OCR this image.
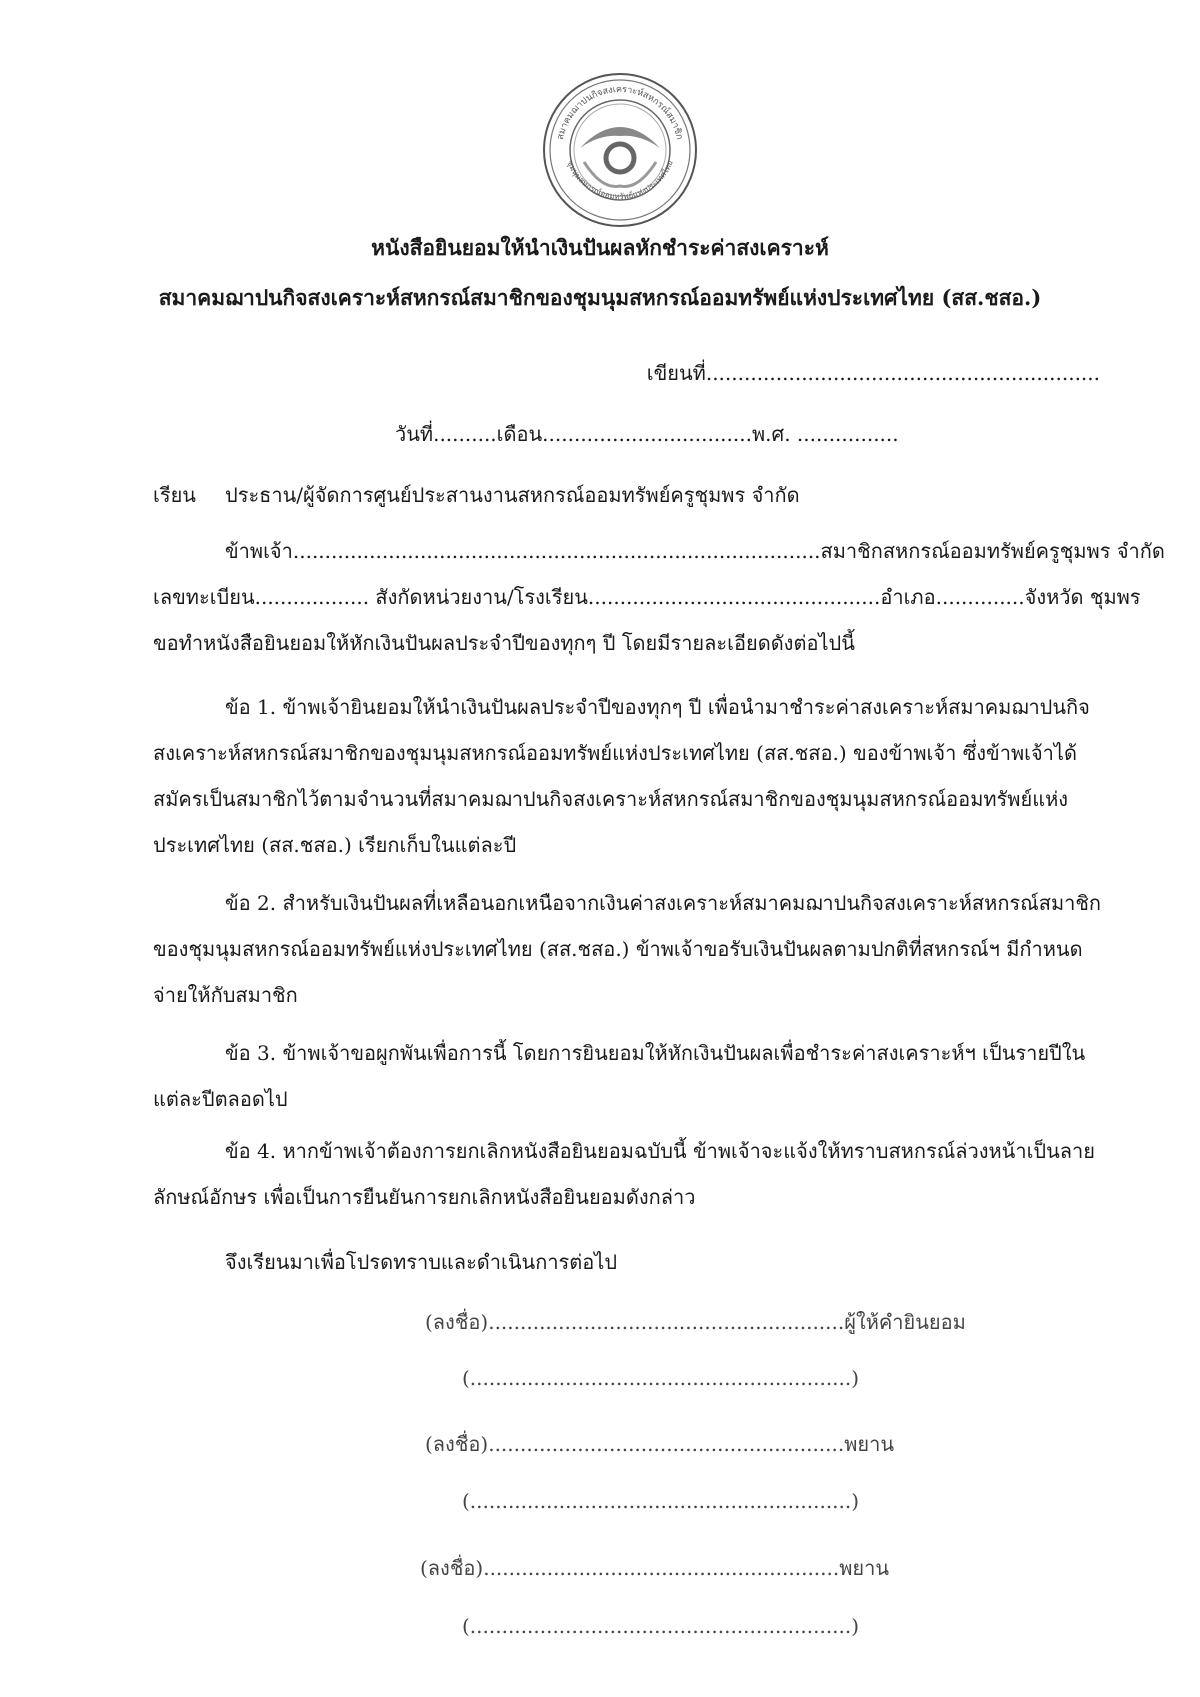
สมาคมฌาปนกิจสงเคราะห์สหกรณ์สมาชิก
ชุมนุมสหกรณ์ออมทรัพย์แห่งประเทศไทย
หนังสือยินยอมให้นำเงินปันผลหักชำระค่าสงเคราะห์
สมาคมฌาปนกิจสงเคราะห์สหกรณ์สมาชิกของชุมนุมสหกรณ์ออมทรัพย์แห่งประเทศไทย (สส.ชสอ.)
เขียนที่..............................................................
วันที่..........เดือน.................................พ.ศ. ................
เรียน ประธาน/ผู้จัดการศูนย์ประสานงานสหกรณ์ออมทรัพย์ครูชุมพร จำกัด

ข้าพเจ้า...................................................................................สมาชิกสหกรณ์ออมทรัพย์ครูชุมพร จำกัด

เลขทะเบียน.................. สังกัดหน่วยงาน/โรงเรียน..............................................อำเภอ..............จังหวัด ชุมพร

ขอทำหนังสือยินยอมให้หักเงินปันผลประจำปีของทุกๆ ปี โดยมีรายละเอียดดังต่อไปนี้

ข้อ 1. ข้าพเจ้ายินยอมให้นำเงินปันผลประจำปีของทุกๆ ปี เพื่อนำมาชำระค่าสงเคราะห์สมาคมฌาปนกิจ

สงเคราะห์สหกรณ์สมาชิกของชุมนุมสหกรณ์ออมทรัพย์แห่งประเทศไทย (สส.ชสอ.) ของข้าพเจ้า ซึ่งข้าพเจ้าได้

สมัครเป็นสมาชิกไว้ตามจำนวนที่สมาคมฌาปนกิจสงเคราะห์สหกรณ์สมาชิกของชุมนุมสหกรณ์ออมทรัพย์แห่ง

ประเทศไทย (สส.ชสอ.) เรียกเก็บในแต่ละปี

ข้อ 2. สำหรับเงินปันผลที่เหลือนอกเหนือจากเงินค่าสงเคราะห์สมาคมฌาปนกิจสงเคราะห์สหกรณ์สมาชิก

ของชุมนุมสหกรณ์ออมทรัพย์แห่งประเทศไทย (สส.ชสอ.) ข้าพเจ้าขอรับเงินปันผลตามปกติที่สหกรณ์ฯ มีกำหนด

จ่ายให้กับสมาชิก

ข้อ 3. ข้าพเจ้าขอผูกพันเพื่อการนี้ โดยการยินยอมให้หักเงินปันผลเพื่อชำระค่าสงเคราะห์ฯ เป็นรายปีใน

แต่ละปีตลอดไป

ข้อ 4. หากข้าพเจ้าต้องการยกเลิกหนังสือยินยอมฉบับนี้ ข้าพเจ้าจะแจ้งให้ทราบสหกรณ์ล่วงหน้าเป็นลาย

ลักษณ์อักษร เพื่อเป็นการยืนยันการยกเลิกหนังสือยินยอมดังกล่าว

จึงเรียนมาเพื่อโปรดทราบและดำเนินการต่อไป
(ลงชื่อ)........................................................ผู้ให้คำยินยอม
(............................................................)
(ลงชื่อ)........................................................พยาน
(............................................................)
(ลงชื่อ)........................................................พยาน
(............................................................)
